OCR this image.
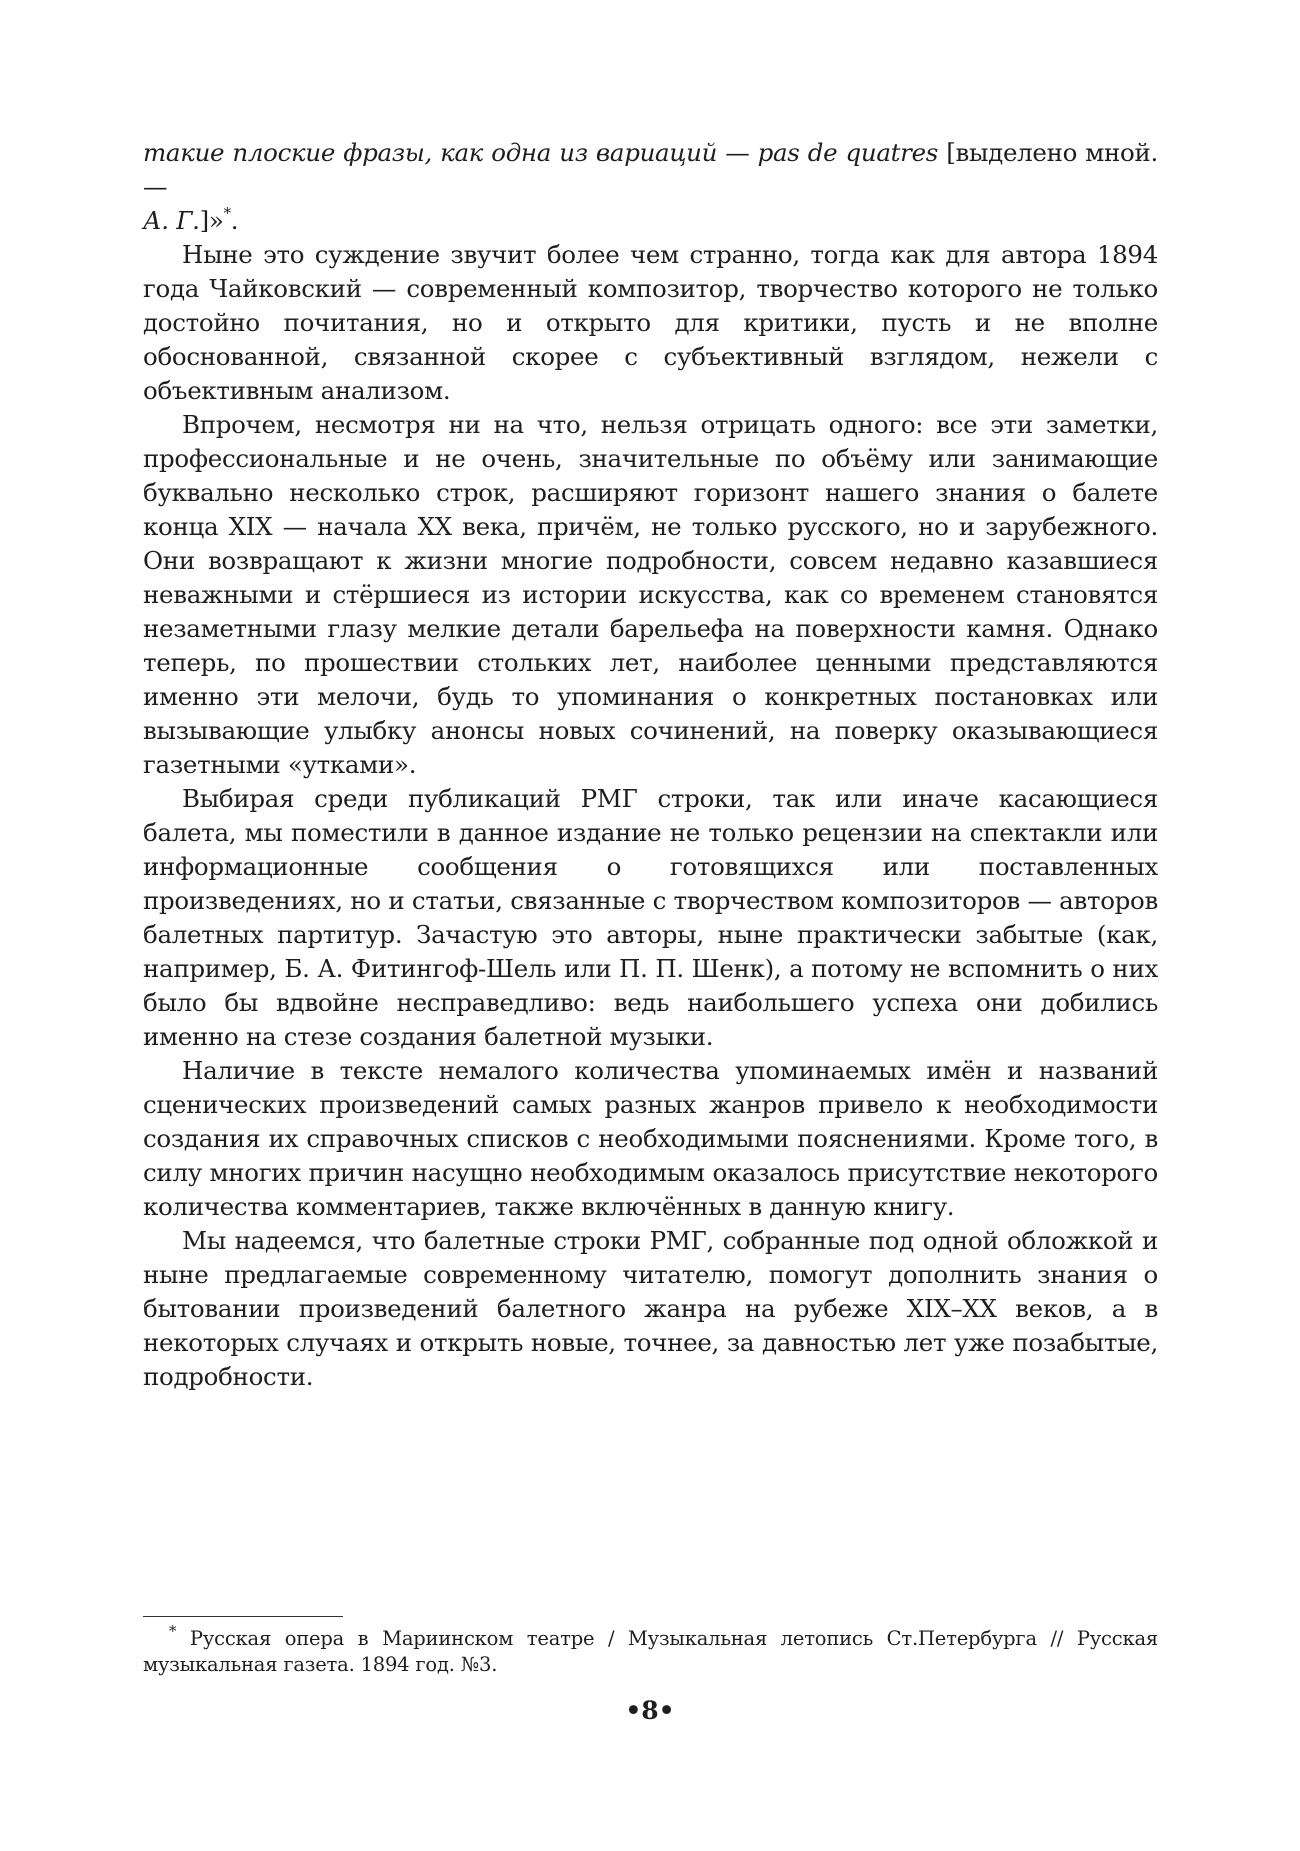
такие плоские фразы, как одна из вариаций — pas de quatres [выделено мной. —
А. Г.]»*.

Ныне это суждение звучит более чем странно, тогда как для автора 1894 года Чайковский — современный композитор, творчество которого не только достойно почитания, но и открыто для критики, пусть и не вполне обоснованной, связанной скорее с субъективный взглядом, нежели с объективным анализом.

Впрочем, несмотря ни на что, нельзя отрицать одного: все эти заметки, профессиональные и не очень, значительные по объёму или занимающие буквально несколько строк, расширяют горизонт нашего знания о балете конца XIX — начала XX века, причём, не только русского, но и зарубежного. Они возвращают к жизни многие подробности, совсем недавно казавшиеся неважными и стёршиеся из истории искусства, как со временем становятся незаметными глазу мелкие детали барельефа на поверхности камня. Однако теперь, по прошествии стольких лет, наиболее ценными представляются именно эти мелочи, будь то упоминания о конкретных постановках или вызывающие улыбку анонсы новых сочинений, на поверку оказывающиеся газетными «утками».

Выбирая среди публикаций РМГ строки, так или иначе касающиеся балета, мы поместили в данное издание не только рецензии на спектакли или информационные сообщения о готовящихся или поставленных произведениях, но и статьи, связанные с творчеством композиторов — авторов балетных партитур. Зачастую это авторы, ныне практически забытые (как, например, Б. А. Фитингоф-Шель или П. П. Шенк), а потому не вспомнить о них было бы вдвойне несправедливо: ведь наибольшего успеха они добились именно на стезе создания балетной музыки.

Наличие в тексте немалого количества упоминаемых имён и названий сценических произведений самых разных жанров привело к необходимости создания их справочных списков с необходимыми пояснениями. Кроме того, в силу многих причин насущно необходимым оказалось присутствие некоторого количества комментариев, также включённых в данную книгу.

Мы надеемся, что балетные строки РМГ, собранные под одной обложкой и ныне предлагаемые современному читателю, помогут дополнить знания о бытовании произведений балетного жанра на рубеже XIX–XX веков, а в некоторых случаях и открыть новые, точнее, за давностью лет уже позабытые, подробности.

* Русская опера в Мариинском театре / Музыкальная летопись Ст.Петербурга // Русская музыкальная газета. 1894 год. №3.

•8•
